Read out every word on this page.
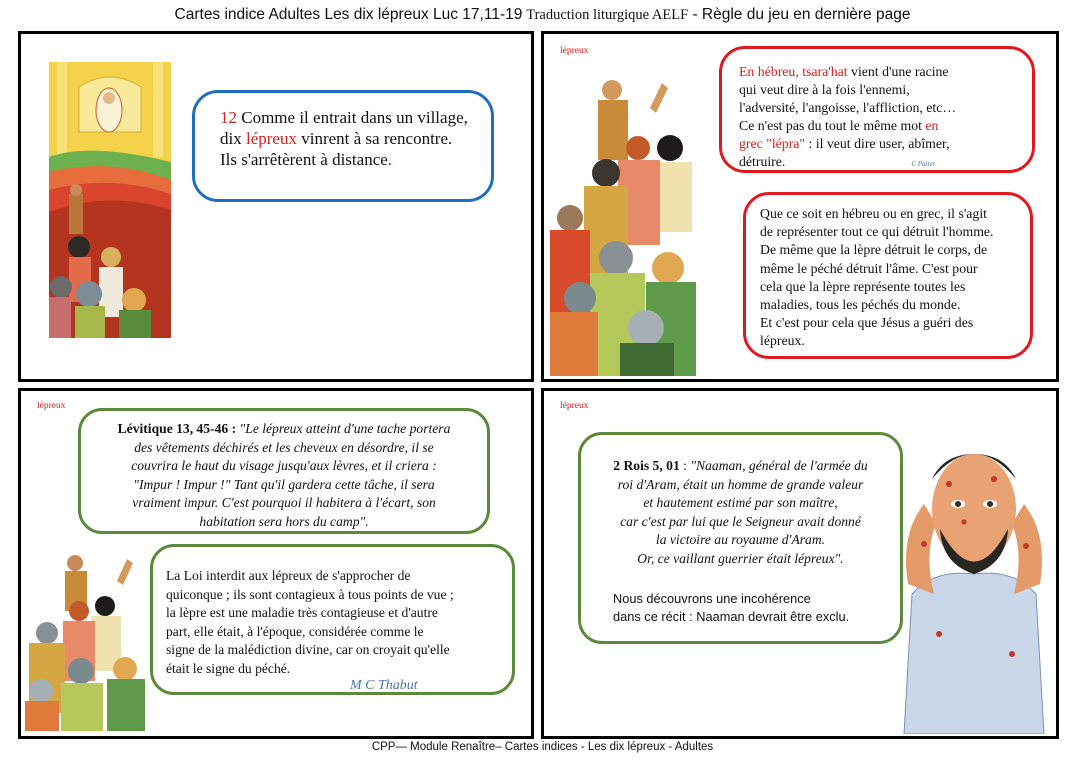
Cartes indice Adultes Les dix lépreux Luc 17,11-19 Traduction liturgique AELF - Règle du jeu en dernière page

12 Comme il entrait dans un village,

dix lépreux vinrent à sa rencontre.

Ils s'arrêtèrent à distance.

lépreux

En hébreu, tsara'hat vient d'une racine

qui veut dire à la fois l'ennemi,

l'adversité, l'angoisse, l'affliction, etc…

Ce n'est pas du tout le même mot en

grec "lépra" : il veut dire user, abîmer,

détruire.	C Patier

Que ce soit en hébreu ou en grec, il s'agit

de représenter tout ce qui détruit l'homme.

De même que la lèpre détruit le corps, de

même le péché détruit l'âme. C'est pour

cela que la lèpre représente toutes les

maladies, tous les péchés du monde.

Et c'est pour cela que Jésus a guéri des

lépreux.

lépreux

Lévitique 13, 45-46 : "Le lépreux atteint d'une tache portera

des vêtements déchirés et les cheveux en désordre, il se

couvrira le haut du visage jusqu'aux lèvres, et il criera :

"Impur ! Impur !" Tant qu'il gardera cette tâche, il sera

vraiment impur. C'est pourquoi il habitera à l'écart, son

habitation sera hors du camp".

La Loi interdit aux lépreux de s'approcher de

quiconque ; ils sont contagieux à tous points de vue ;

la lèpre est une maladie très contagieuse et d'autre

part, elle était, à l'époque, considérée comme le

signe de la malédiction divine, car on croyait qu'elle

était le signe du péché.

M C Thabut

lépreux

2 Rois 5, 01 : "Naaman, général de l'armée du

roi d'Aram, était un homme de grande valeur

et hautement estimé par son maître,

car c'est par lui que le Seigneur avait donné

la victoire au royaume d'Aram.

Or, ce vaillant guerrier était lépreux".

Nous découvrons une incohérence

dans ce récit : Naaman devrait être exclu.

CPP— Module Renaître– Cartes indices - Les dix lépreux - Adultes
